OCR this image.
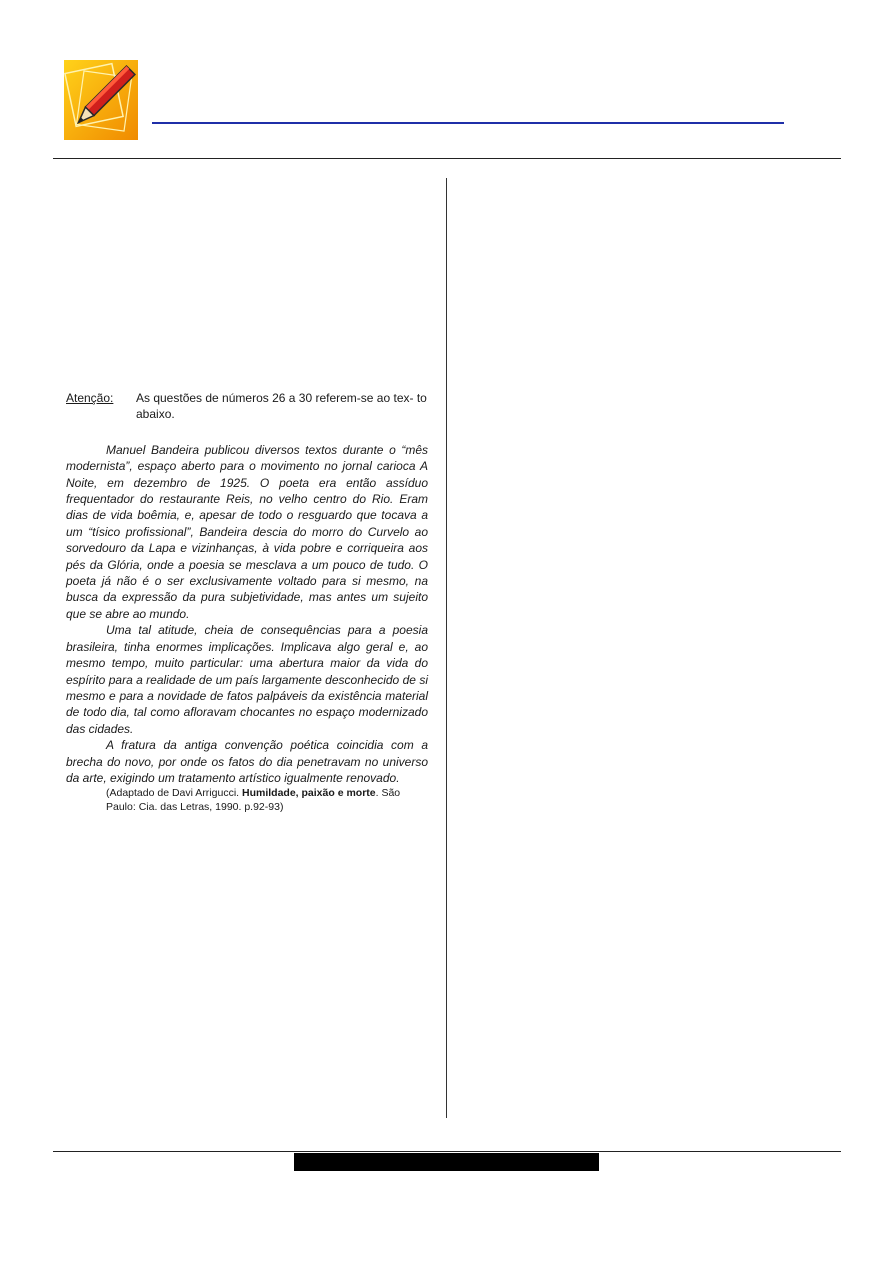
Atenção:	As questões de números 26 a 30 referem-se ao tex- to abaixo.

Manuel Bandeira publicou diversos textos durante o “mês modernista”, espaço aberto para o movimento no jornal carioca A Noite, em dezembro de 1925. O poeta era então assíduo frequentador do restaurante Reis, no velho centro do Rio. Eram dias de vida boêmia, e, apesar de todo o resguardo que tocava a um “tísico profissional”, Bandeira descia do morro do Curvelo ao sorvedouro da Lapa e vizinhanças, à vida pobre e corriqueira aos pés da Glória, onde a poesia se mesclava a um pouco de tudo. O poeta já não é o ser exclusivamente voltado para si mesmo, na busca da expressão da pura subjetividade, mas antes um sujeito que se abre ao mundo.

Uma tal atitude, cheia de consequências para a poesia brasileira, tinha enormes implicações. Implicava algo geral e, ao mesmo tempo, muito particular: uma abertura maior da vida do espírito para a realidade de um país largamente desconhecido de si mesmo e para a novidade de fatos palpáveis da existência material de todo dia, tal como afloravam chocantes no espaço modernizado das cidades.

A fratura da antiga convenção poética coincidia com a brecha do novo, por onde os fatos do dia penetravam no universo da arte, exigindo um tratamento artístico igualmente renovado.

(Adaptado de Davi Arrigucci. Humildade, paixão e morte. São Paulo: Cia. das Letras, 1990. p.92-93)
